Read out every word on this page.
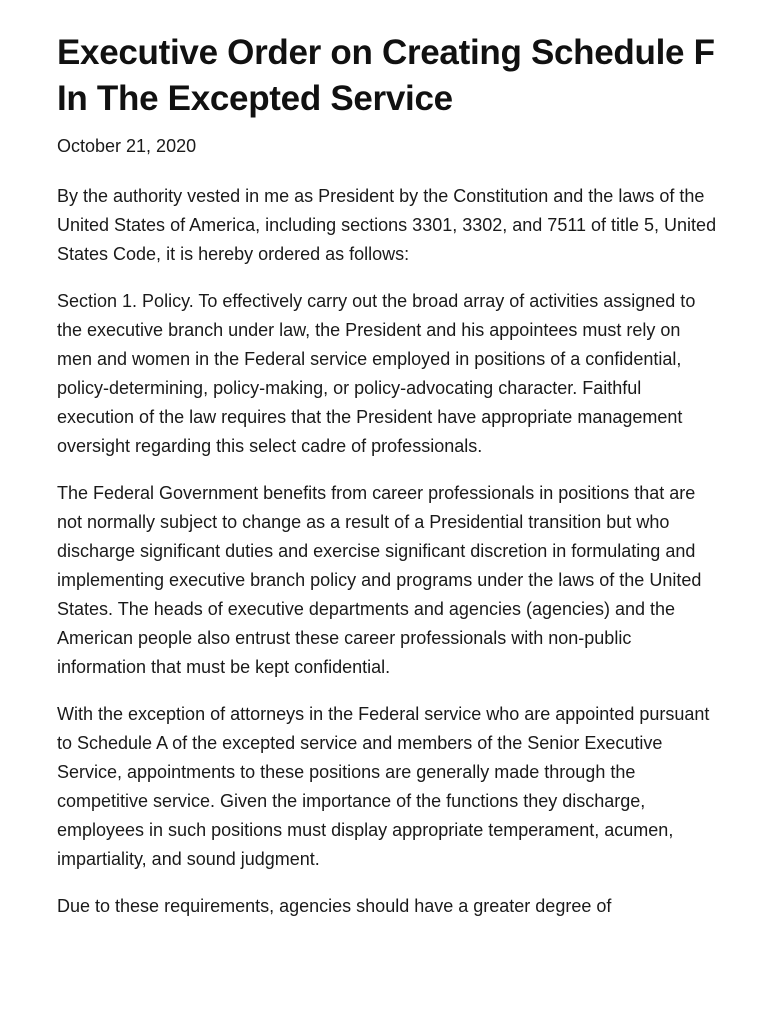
Executive Order on Creating Schedule F In The Excepted Service
October 21, 2020

By the authority vested in me as President by the Constitution and the laws of the United States of America, including sections 3301, 3302, and 7511 of title 5, United States Code, it is hereby ordered as follows:

Section 1. Policy. To effectively carry out the broad array of activities assigned to the executive branch under law, the President and his appointees must rely on men and women in the Federal service employed in positions of a confidential, policy-determining, policy-making, or policy-advocating character. Faithful execution of the law requires that the President have appropriate management oversight regarding this select cadre of professionals.

The Federal Government benefits from career professionals in positions that are not normally subject to change as a result of a Presidential transition but who discharge significant duties and exercise significant discretion in formulating and implementing executive branch policy and programs under the laws of the United States. The heads of executive departments and agencies (agencies) and the American people also entrust these career professionals with non-public information that must be kept confidential.

With the exception of attorneys in the Federal service who are appointed pursuant to Schedule A of the excepted service and members of the Senior Executive Service, appointments to these positions are generally made through the competitive service. Given the importance of the functions they discharge, employees in such positions must display appropriate temperament, acumen, impartiality, and sound judgment.

Due to these requirements, agencies should have a greater degree of
